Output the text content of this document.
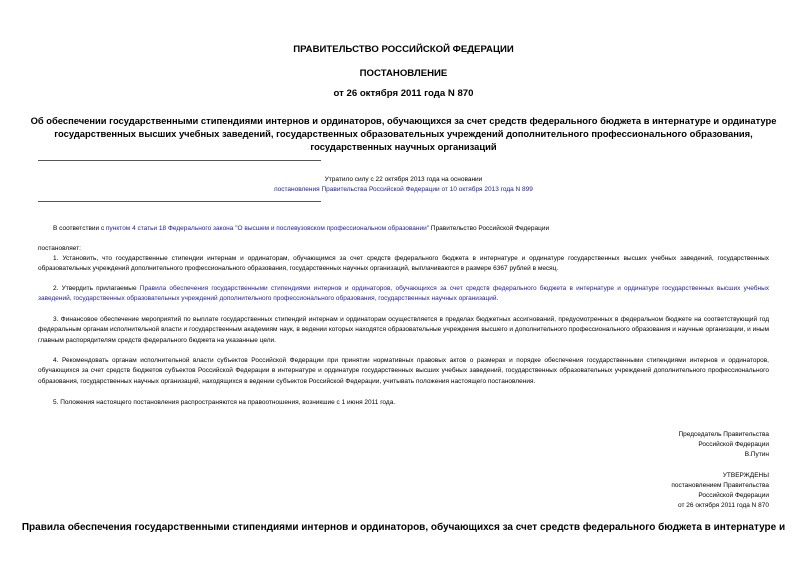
ПРАВИТЕЛЬСТВО РОССИЙСКОЙ ФЕДЕРАЦИИ
ПОСТАНОВЛЕНИЕ
от 26 октября 2011 года N 870
Об обеспечении государственными стипендиями интернов и ординаторов, обучающихся за счет средств федерального бюджета в интернатуре и ординатуре
государственных высших учебных заведений, государственных образовательных учреждений дополнительного профессионального образования,
государственных научных организаций
Утратило силу с 22 октября 2013 года на основании
постановления Правительства Российской Федерации от 10 октября 2013 года N 899
В соответствии с пунктом 4 статьи 18 Федерального закона "О высшем и послевузовском профессиональном образовании" Правительство Российской Федерации
постановляет:
1. Установить, что государственные стипендии интернам и ординаторам, обучающимся за счет средств федерального бюджета в интернатуре и ординатуре государственных высших учебных заведений, государственных образовательных учреждений дополнительного профессионального образования, государственных научных организаций, выплачиваются в размере 6367 рублей в месяц.
2. Утвердить прилагаемые Правила обеспечения государственными стипендиями интернов и ординаторов, обучающихся за счет средств федерального бюджета в интернатуре и ординатуре государственных высших учебных заведений, государственных образовательных учреждений дополнительного профессионального образования, государственных научных организаций.
3. Финансовое обеспечение мероприятий по выплате государственных стипендий интернам и ординаторам осуществляется в пределах бюджетных ассигнований, предусмотренных в федеральном бюджете на соответствующий год федеральным органам исполнительной власти и государственным академиям наук, в ведении которых находятся образовательные учреждения высшего и дополнительного профессионального образования и научные организации, и иным главным распорядителям средств федерального бюджета на указанные цели.
4. Рекомендовать органам исполнительной власти субъектов Российской Федерации при принятии нормативных правовых актов о размерах и порядке обеспечения государственными стипендиями интернов и ординаторов, обучающихся за счет средств бюджетов субъектов Российской Федерации в интернатуре и ординатуре государственных высших учебных заведений, государственных образовательных учреждений дополнительного профессионального образования, государственных научных организаций, находящихся в ведении субъектов Российской Федерации, учитывать положения настоящего постановления.
5. Положения настоящего постановления распространяются на правоотношения, возникшие с 1 июня 2011 года.
Председатель Правительства
Российской Федерации
В.Путин
УТВЕРЖДЕНЫ
постановлением Правительства
Российской Федерации
от 26 октября 2011 года N 870
Правила обеспечения государственными стипендиями интернов и ординаторов, обучающихся за счет средств федерального бюджета в интернатуре и
